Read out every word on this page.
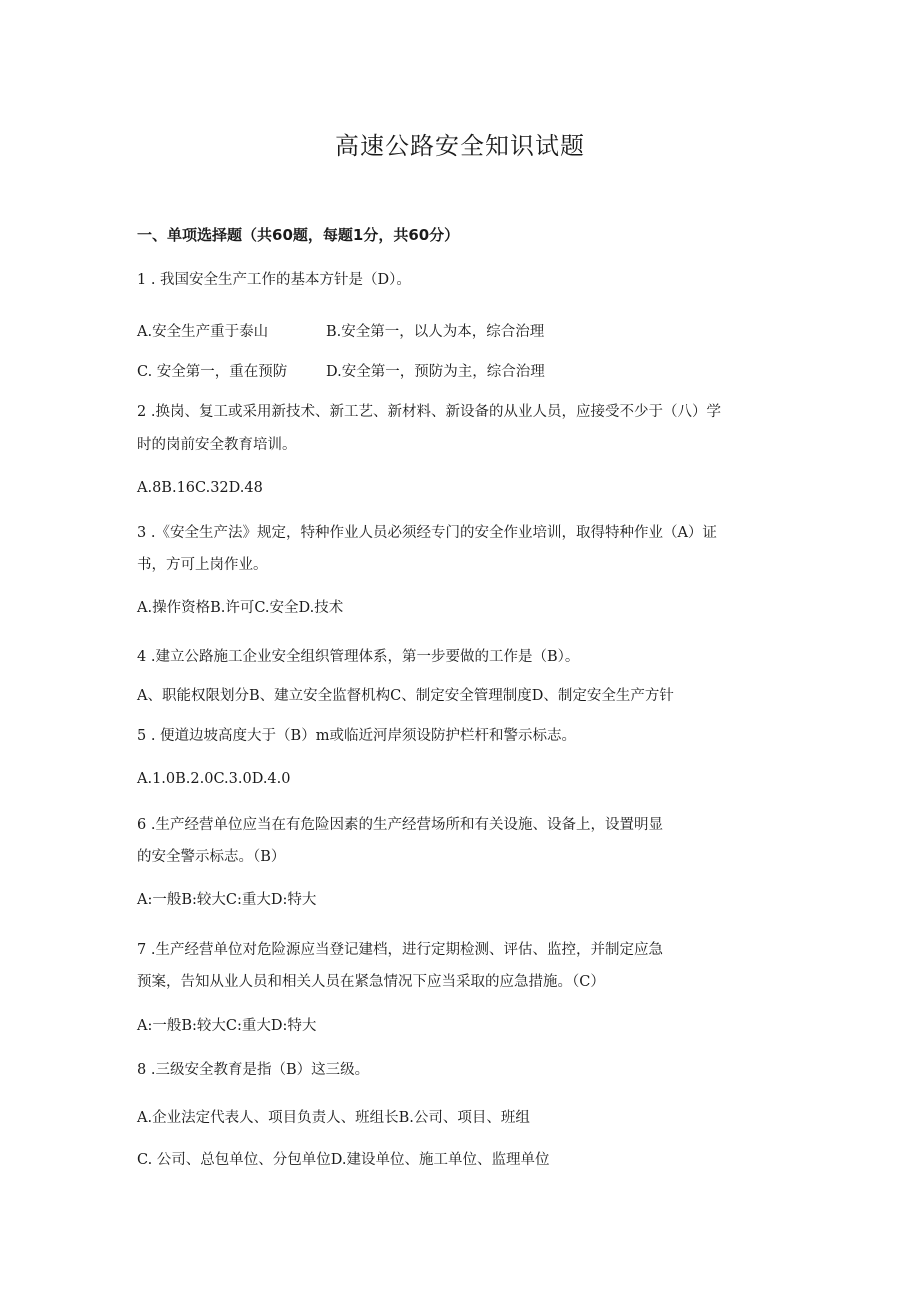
高速公路安全知识试题
一、单项选择题（共60题，每题1分，共60分）

1 . 我国安全生产工作的基本方针是（D）。

A.安全生产重于泰山	B.安全第一，以人为本，综合治理

C. 安全第一，重在预防	D.安全第一，预防为主，综合治理

2 .换岗、复工或采用新技术、新工艺、新材料、新设备的从业人员，应接受不少于（八）学

时的岗前安全教育培训。

A.8B.16C.32D.48

3 .《安全生产法》规定，特种作业人员必须经专门的安全作业培训，取得特种作业（A）证

书，方可上岗作业。

A.操作资格B.许可C.安全D.技术

4 .建立公路施工企业安全组织管理体系，第一步要做的工作是（B）。

A、职能权限划分B、建立安全监督机构C、制定安全管理制度D、制定安全生产方针

5 . 便道边坡高度大于（B）m或临近河岸须设防护栏杆和警示标志。

A.1.0B.2.0C.3.0D.4.0

6 .生产经营单位应当在有危险因素的生产经营场所和有关设施、设备上，设置明显

的安全警示标志。（B）

A:一般B:较大C:重大D:特大

7 .生产经营单位对危险源应当登记建档，进行定期检测、评估、监控，并制定应急

预案，告知从业人员和相关人员在紧急情况下应当采取的应急措施。（C）

A:一般B:较大C:重大D:特大

8 .三级安全教育是指（B）这三级。

A.企业法定代表人、项目负责人、班组长B.公司、项目、班组

C. 公司、总包单位、分包单位D.建设单位、施工单位、监理单位
